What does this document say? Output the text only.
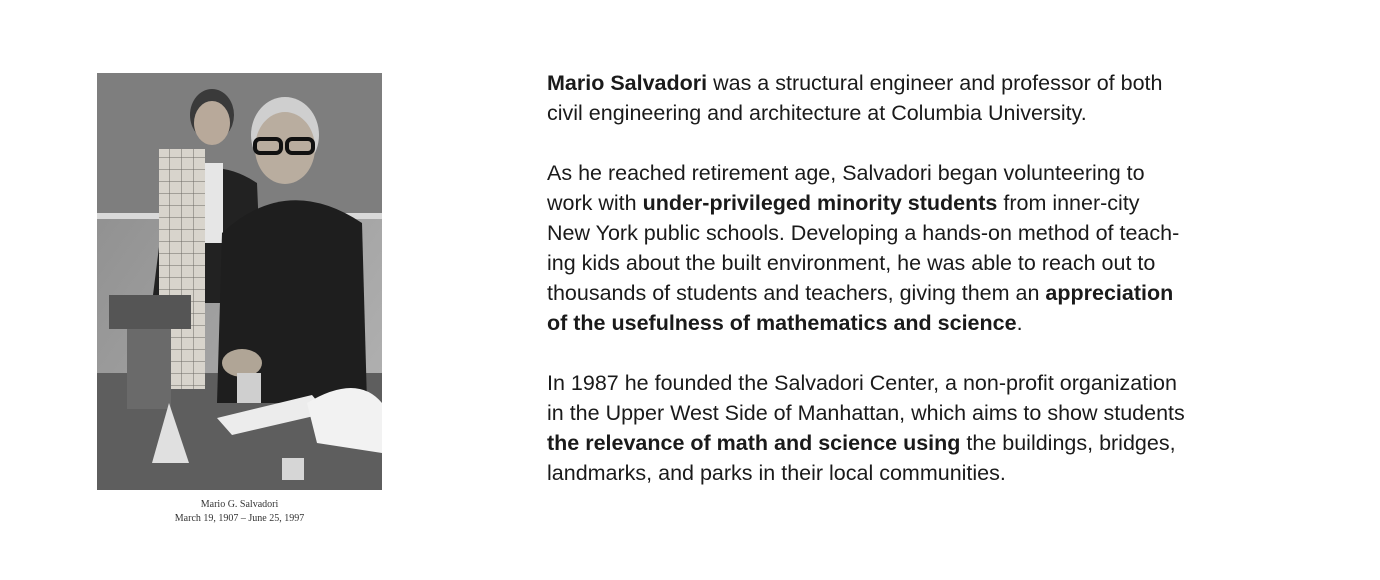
Mario G. Salvadori
March 19, 1907 – June 25, 1997

Mario Salvadori was a structural engineer and professor of both
civil engineering and architecture at Columbia University.

As he reached retirement age, Salvadori began volunteering to
work with under-privileged minority students from inner-city
New York public schools. Developing a hands-on method of teach-
ing kids about the built environment, he was able to reach out to
thousands of students and teachers, giving them an appreciation
of the usefulness of mathematics and science.

In 1987 he founded the Salvadori Center, a non-profit organization
in the Upper West Side of Manhattan, which aims to show students
the relevance of math and science using the buildings, bridges,
landmarks, and parks in their local communities.
